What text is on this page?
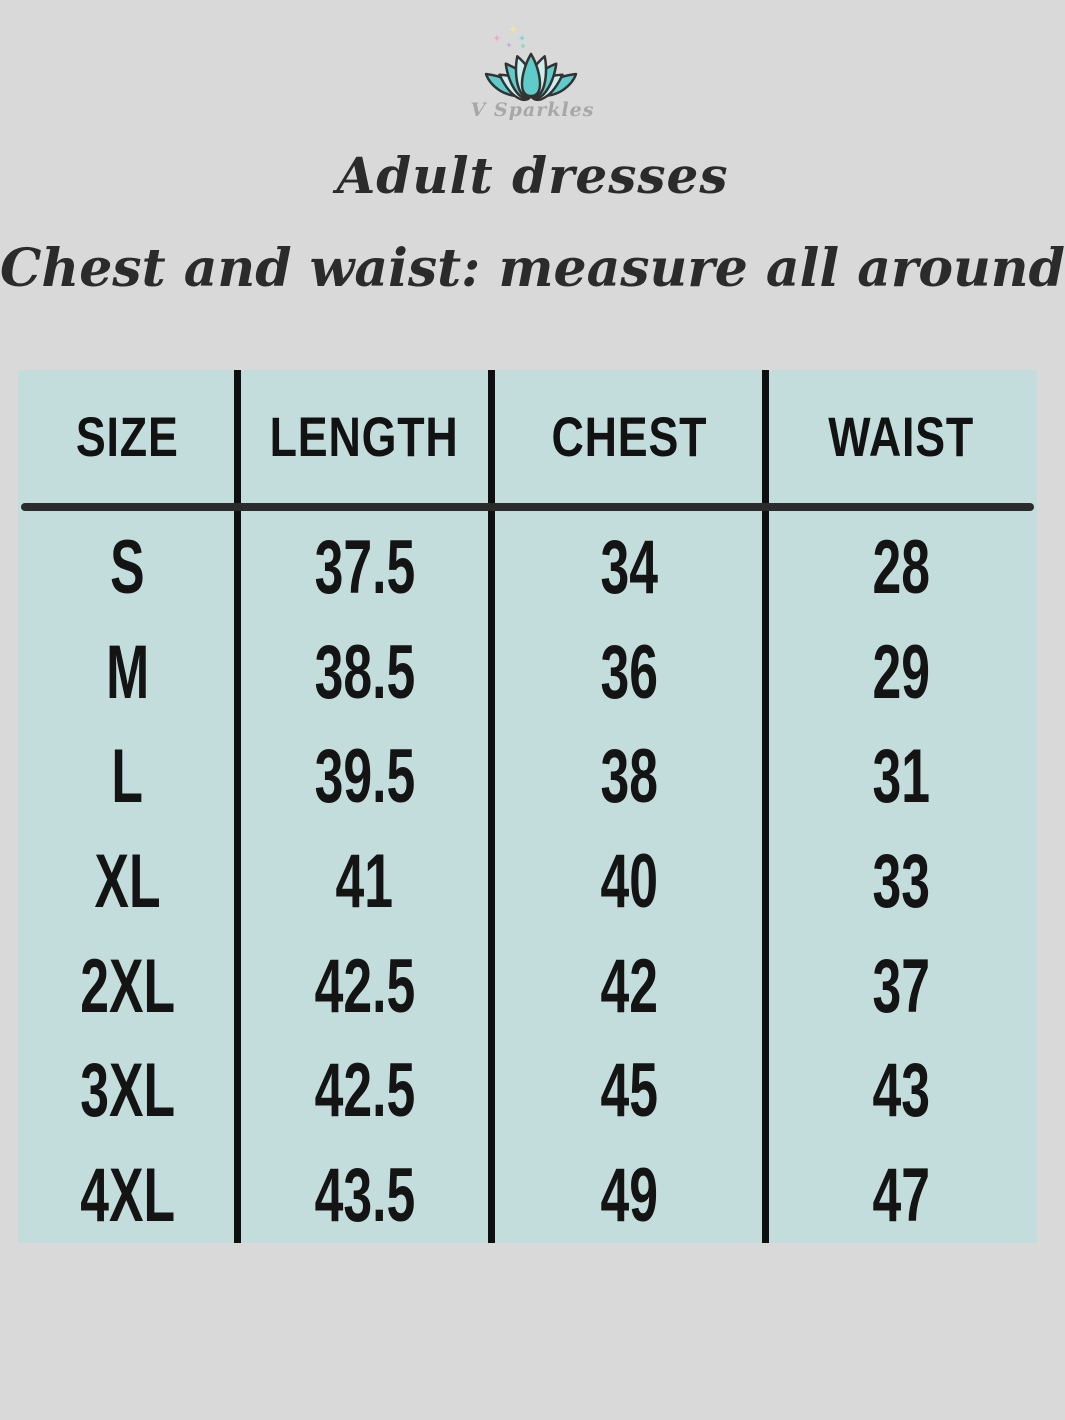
V Sparkles
Adult dresses
Chest and waist: measure all around
SIZE LENGTH CHEST WAIST
S 37.5 34	28
M 38.5 36	29
L 39.5 38	31
XL 41	40	33
2XL 42.5 42	37
3XL 42.5 45	43
4XL 43.5 49	47
